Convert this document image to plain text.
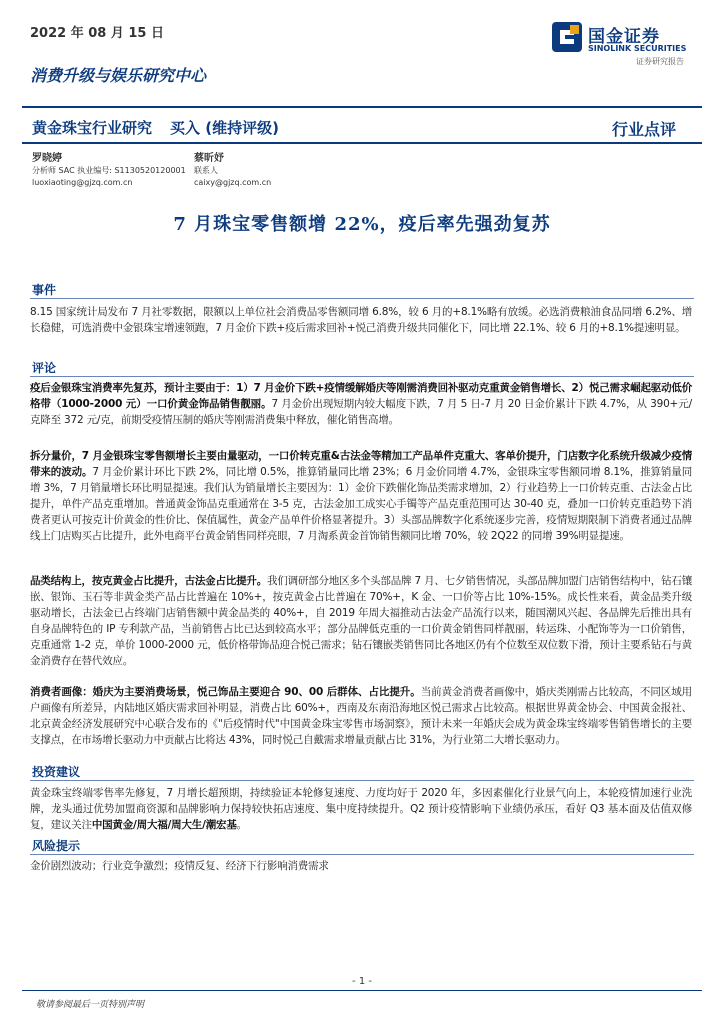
2022 年 08 月 15 日	国金证券
SINOLINK SECURITIES
证券研究报告
消费升级与娱乐研究中心
黄金珠宝行业研究 买入 (维持评级)	行业点评
罗晓婷
分析师 SAC 执业编号: S1130520120001
luoxiaoting@gjzq.com.cn
蔡昕妤
联系人
caixy@gjzq.com.cn
7 月珠宝零售额增 22%，疫后率先强劲复苏
事件
8.15 国家统计局发布 7 月社零数据，限额以上单位社会消费品零售额同增 6.8%，较 6 月的+8.1%略有放缓。必选消费粮油食品同增 6.2%、增长稳健，可选消费中金银珠宝增速领跑，7 月金价下跌+疫后需求回补+悦己消费升级共同催化下，同比增 22.1%、较 6 月的+8.1%提速明显。
评论
疫后金银珠宝消费率先复苏，预计主要由于：1）7 月金价下跌+疫情缓解婚庆等刚需消费回补驱动克重黄金销售增长、2）悦己需求崛起驱动低价格带（1000-2000 元）一口价黄金饰品销售靓丽。7 月金价出现短期内较大幅度下跌，7 月 5 日-7 月 20 日金价累计下跌 4.7%，从 390+元/克降至 372 元/克，前期受疫情压制的婚庆等刚需消费集中释放，催化销售高增。
拆分量价，7 月金银珠宝零售额增长主要由量驱动，一口价转克重&古法金等精加工产品单件克重大、客单价提升，门店数字化系统升级减少疫情带来的波动。7 月金价累计环比下跌 2%，同比增 0.5%，推算销量同比增 23%；6 月金价同增 4.7%，金银珠宝零售额同增 8.1%，推算销量同增 3%，7 月销量增长环比明显提速。我们认为销量增长主要因为：1）金价下跌催化饰品类需求增加，2）行业趋势上一口价转克重、古法金占比提升，单件产品克重增加。普通黄金饰品克重通常在 3-5 克，古法金加工成实心手镯等产品克重范围可达 30-40 克，叠加一口价转克重趋势下消费者更认可按克计价黄金的性价比、保值属性，黄金产品单件价格显著提升。3）头部品牌数字化系统逐步完善，疫情短期限制下消费者通过品牌线上门店购买占比提升，此外电商平台黄金销售同样亮眼，7 月淘系黄金首饰销售额同比增 70%，较 2Q22 的同增 39%明显提速。
品类结构上，按克黄金占比提升，古法金占比提升。我们调研部分地区多个头部品牌 7 月、七夕销售情况，头部品牌加盟门店销售结构中，钻石镶嵌、银饰、玉石等非黄金类产品占比普遍在 10%+，按克黄金占比普遍在 70%+，K 金、一口价等占比 10%-15%。成长性来看，黄金品类升级驱动增长，古法金已占终端门店销售额中黄金品类的 40%+，自 2019 年周大福推动古法金产品流行以来，随国潮风兴起、各品牌先后推出具有自身品牌特色的 IP 专利款产品，当前销售占比已达到较高水平；部分品牌低克重的一口价黄金销售同样靓丽，转运珠、小配饰等为一口价销售，克重通常 1-2 克，单价 1000-2000 元，低价格带饰品迎合悦己需求；钻石镶嵌类销售同比各地区仍有个位数至双位数下滑，预计主要系钻石与黄金消费存在替代效应。
消费者画像：婚庆为主要消费场景，悦己饰品主要迎合 90、00 后群体、占比提升。当前黄金消费者画像中，婚庆类刚需占比较高，不同区域用户画像有所差异，内陆地区婚庆需求回补明显，消费占比 60%+，西南及东南沿海地区悦己需求占比较高。根据世界黄金协会、中国黄金报社、北京黄金经济发展研究中心联合发布的《"后疫情时代"中国黄金珠宝零售市场洞察》，预计未来一年婚庆会成为黄金珠宝终端零售销售增长的主要支撑点，在市场增长驱动力中贡献占比将达 43%，同时悦己自戴需求增量贡献占比 31%，为行业第二大增长驱动力。
投资建议
黄金珠宝终端零售率先修复，7 月增长超预期，持续验证本轮修复速度、力度均好于 2020 年，多因素催化行业景气向上，本轮疫情加速行业洗牌，龙头通过优势加盟商资源和品牌影响力保持较快拓店速度、集中度持续提升。Q2 预计疫情影响下业绩仍承压，看好 Q3 基本面及估值双修复，建议关注中国黄金/周大福/周大生/潮宏基。
风险提示
金价剧烈波动；行业竞争激烈；疫情反复、经济下行影响消费需求
- 1 -
敬请参阅最后一页特别声明
